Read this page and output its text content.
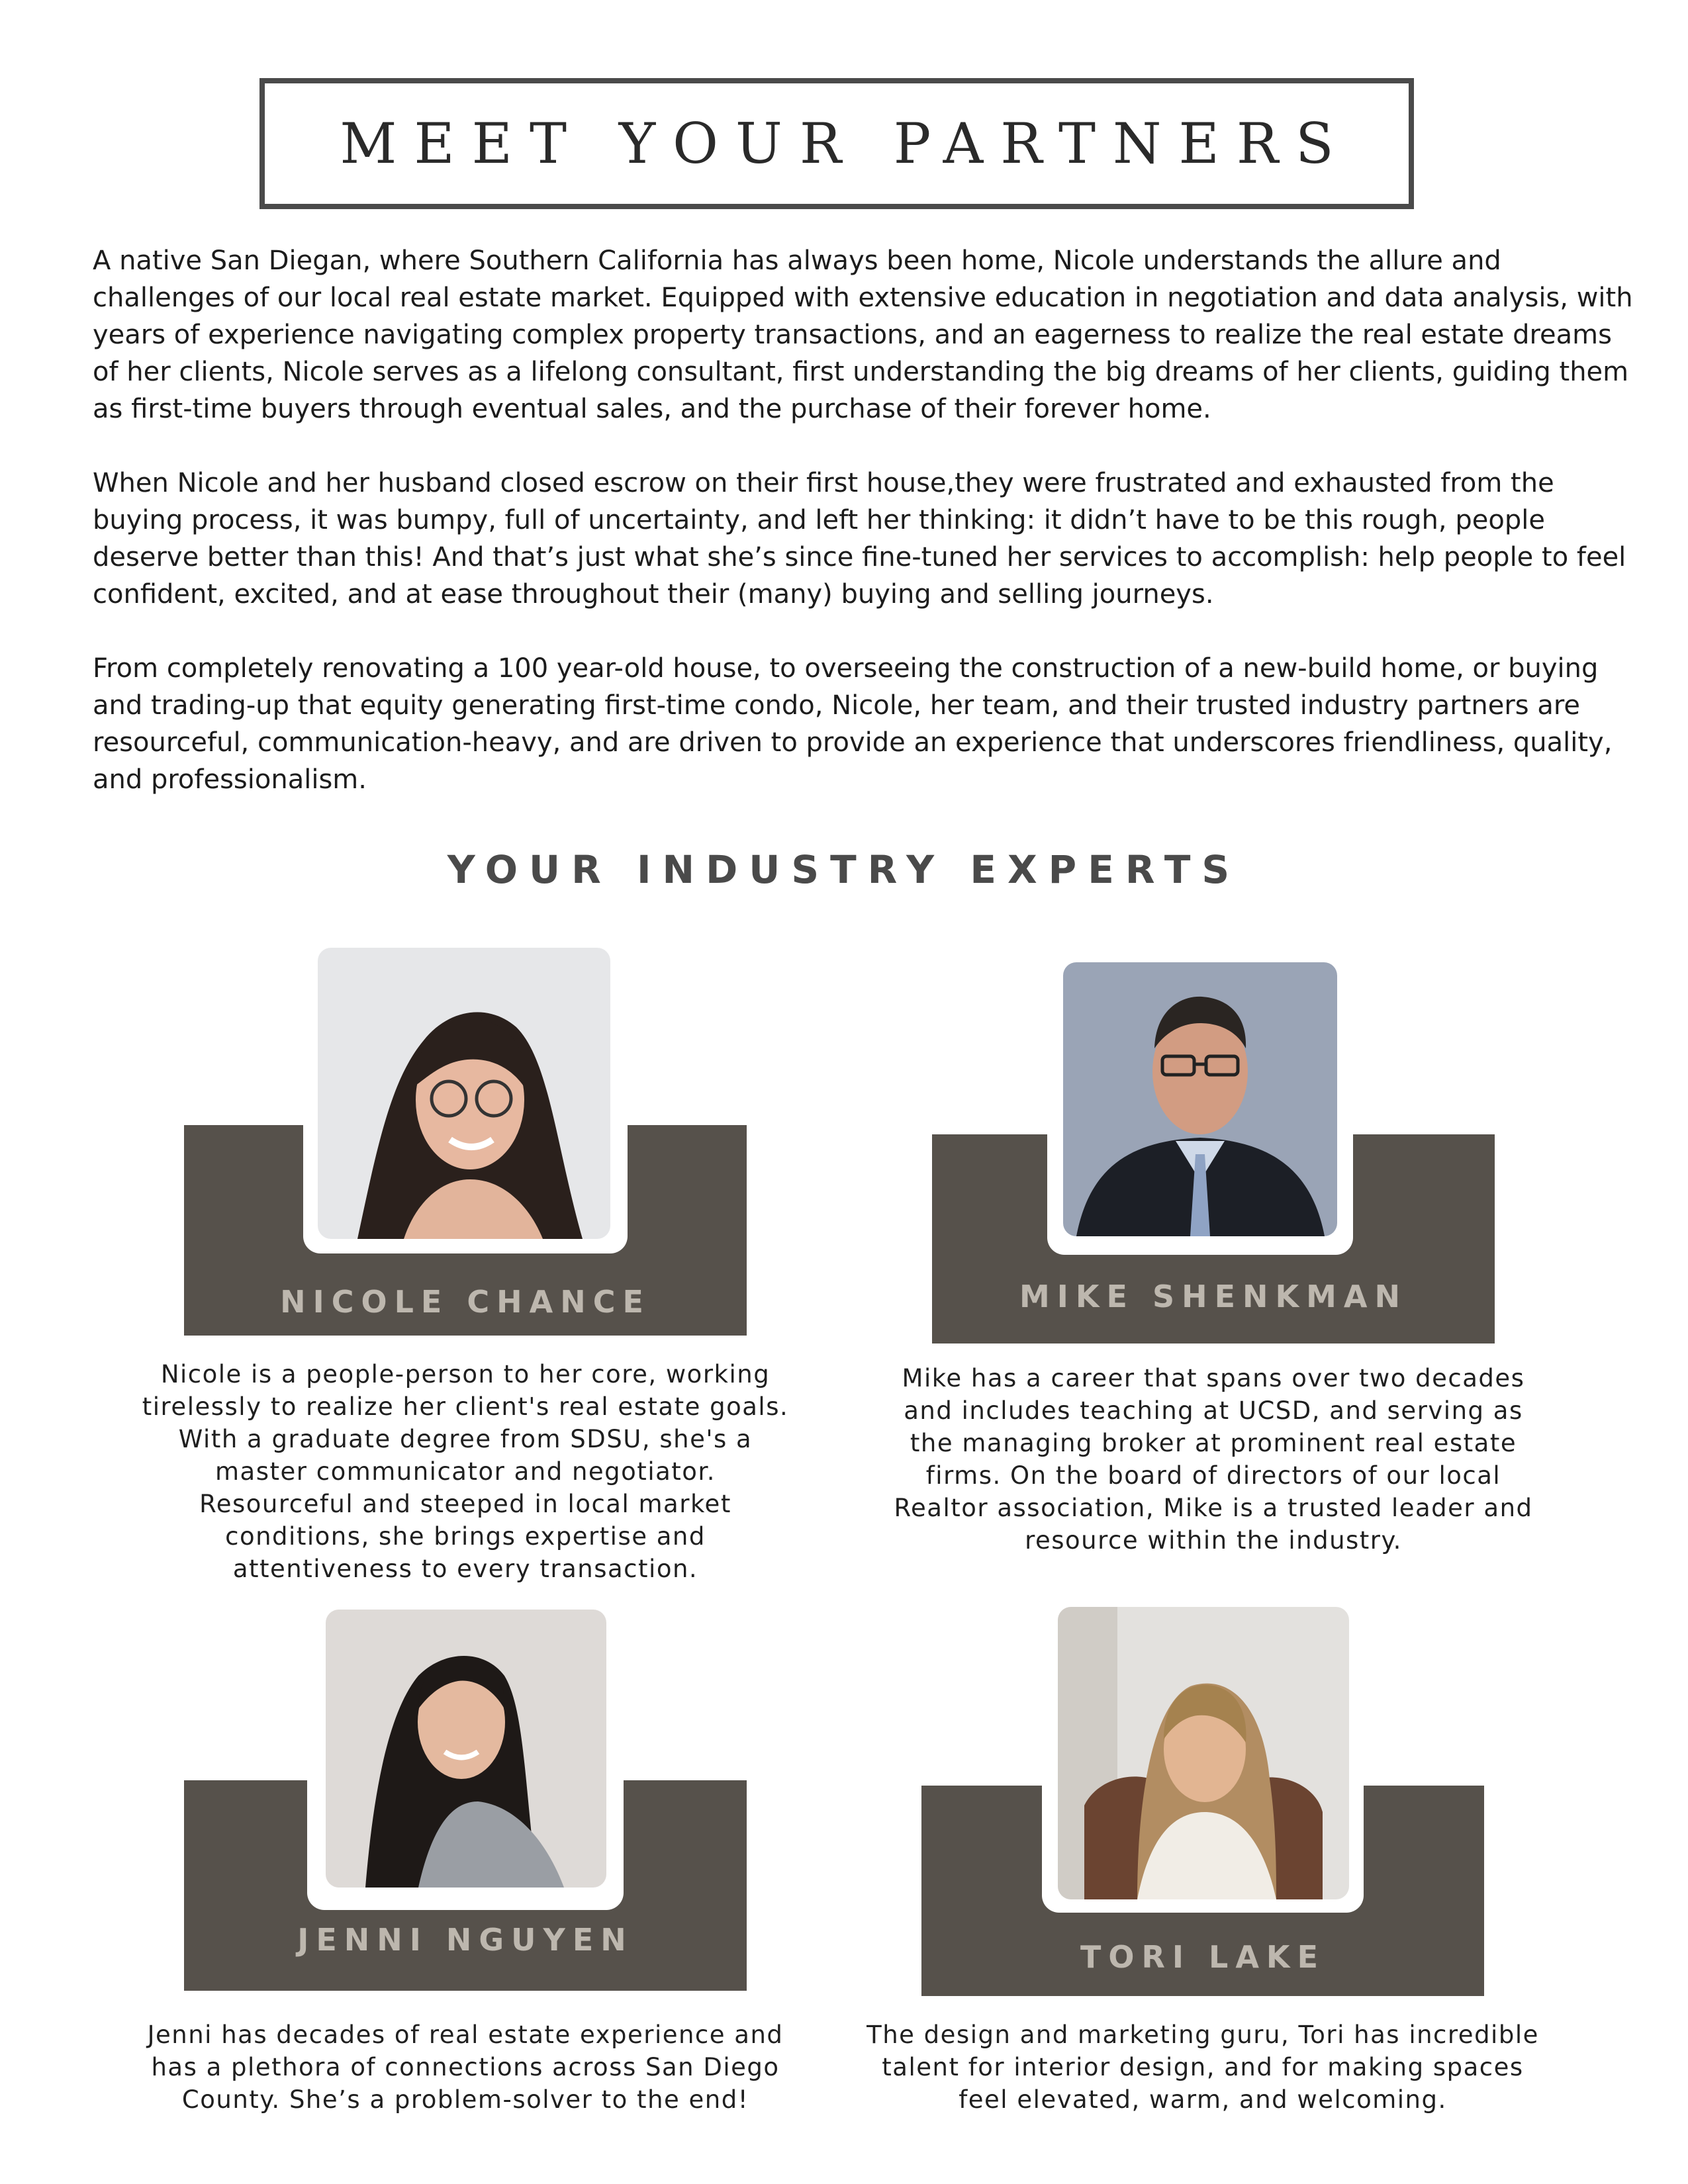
MEET YOUR PARTNERS

A native San Diegan, where Southern California has always been home, Nicole understands the allure and challenges of our local real estate market. Equipped with extensive education in negotiation and data analysis, with years of experience navigating complex property transactions, and an eagerness to realize the real estate dreams of her clients, Nicole serves as a lifelong consultant, first understanding the big dreams of her clients, guiding them as first-time buyers through eventual sales, and the purchase of their forever home.

When Nicole and her husband closed escrow on their first house,they were frustrated and exhausted from the buying process, it was bumpy, full of uncertainty, and left her thinking: it didn’t have to be this rough, people deserve better than this! And that’s just what she’s since fine-tuned her services to accomplish: help people to feel confident, excited, and at ease throughout their (many) buying and selling journeys.

From completely renovating a 100 year-old house, to overseeing the construction of a new-build home, or buying and trading-up that equity generating first-time condo, Nicole, her team, and their trusted industry partners are resourceful, communication-heavy, and are driven to provide an experience that underscores friendliness, quality, and professionalism.

YOUR INDUSTRY EXPERTS
NICOLE CHANCE
Nicole is a people-person to her core, working tirelessly to realize her client's real estate goals. With a graduate degree from SDSU, she's a master communicator and negotiator. Resourceful and steeped in local market conditions, she brings expertise and attentiveness to every transaction.
MIKE SHENKMAN
Mike has a career that spans over two decades and includes teaching at UCSD, and serving as the managing broker at prominent real estate firms. On the board of directors of our local Realtor association, Mike is a trusted leader and resource within the industry.
JENNI NGUYEN
Jenni has decades of real estate experience and has a plethora of connections across San Diego County. She’s a problem-solver to the end!
TORI LAKE
The design and marketing guru, Tori has incredible talent for interior design, and for making spaces feel elevated, warm, and welcoming.
